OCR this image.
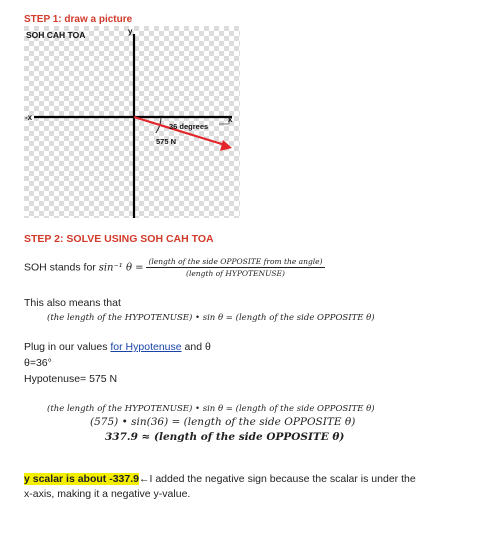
STEP 1: draw a picture
SOH CAH TOA	y
x
-x
36 degrees
575 N
STEP 2: SOLVE USING SOH CAH TOA
SOH stands for sin⁻¹ $\theta = \frac{\text{(length of the side OPPOSITE from the angle)}}{\text{(length of HYPOTENUSE)}}$
This also means that
(the length of the HYPOTENUSE) • sin θ = (length of the side OPPOSITE θ)
Plug in our values for Hypotenuse and θ
θ=36°
Hypotenuse= 575 N
(the length of the HYPOTENUSE) • sin θ = (length of the side OPPOSITE θ)
(575) • sin(36) = (length of the side OPPOSITE θ)
337.9 ≈ (length of the side OPPOSITE θ)
y scalar is about -337.9←I added the negative sign because the scalar is under the x-axis, making it a negative y-value.
